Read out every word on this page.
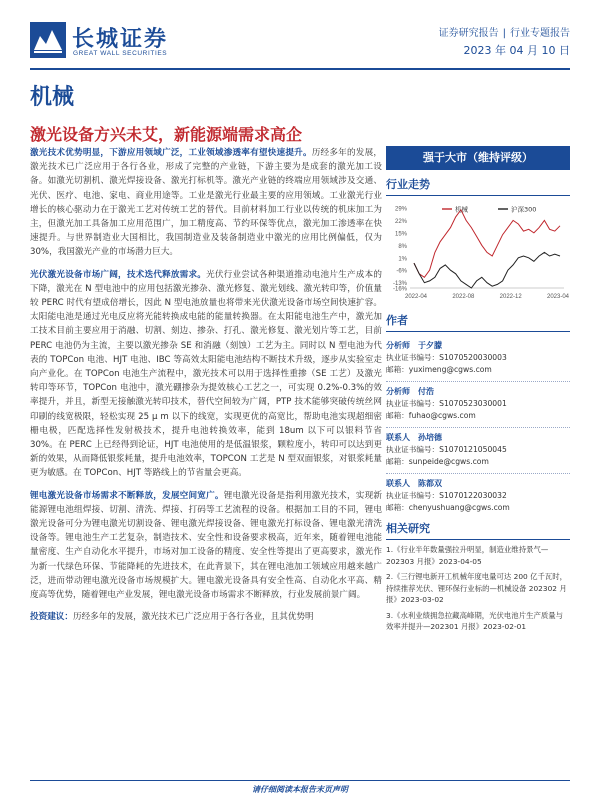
长城证券
GREAT WALL SECURITIES
证券研究报告 | 行业专题报告
2023 年 04 月 10 日
机械
激光设备方兴未艾，新能源端需求高企

激光技术优势明显，下游应用领域广泛，工业领域渗透率有望快速提升。历经多年的发展，激光技术已广泛应用于各行各业，形成了完整的产业链，下游主要为是成套的激光加工设备。如激光切割机、激光焊接设备、激光打标机等。激光产业链的终端应用领域涉及交通、光伏、医疗、电池、家电、商业用途等。工业是激光行业最主要的应用领域。工业激光行业增长的核心驱动力在于激光工艺对传统工艺的替代。目前材料加工行业以传统的机床加工为主，但激光加工具备加工应用范围广，加工精度高、节约环保等优点，激光加工渗透率在快速提升。与世界制造业大国相比，我国制造业及装备制造业中激光的应用比例偏低，仅为 30%，我国激光产业的市场潜力巨大。

光伏激光设备市场广阔，技术迭代释放需求。光伏行业尝试各种渠道推动电池片生产成本的下降，激光在 N 型电池中的应用包括激光掺杂、激光修复、激光划线、激光转印等，价值量较 PERC 时代有望成倍增长，因此 N 型电池放量也将带来光伏激光设备市场空间快速扩容。太阳能电池是通过光电反应将光能转换成电能的能量转换器。在太阳能电池生产中，激光加工技术目前主要应用于消融、切割、刻边、掺杂、打孔、激光修复、激光划片等工艺，目前 PERC 电池仍为主流，主要以激光掺杂 SE 和消融（刻蚀）工艺为主。同时以 N 型电池为代表的 TOPCon 电池、HJT 电池、IBC 等高效太阳能电池结构不断技术升级，逐步从实验室走向产业化。在 TOPCon 电池生产流程中，激光技术可以用于选择性重掺（SE 工艺）及激光转印等环节，TOPCon 电池中，激光硼掺杂为提效核心工艺之一，可实现 0.2%-0.3%的效率提升，并且，新型无接触激光转印技术，替代空间较为广阔，PTP 技术能够突破传统丝网印刷的线宽极限，轻松实现 25 μ m 以下的线宽，实现更优的高宽比，帮助电池实现超细密栅电极，匹配选择性发射极技术，提升电池转换效率，能到 18um 以下可以银料节省 30%。在 PERC 上已经得到论证，HJT 电池使用的是低温银浆，颗粒度小，转印可以达到更新的效果，从而降低银浆耗量，提升电池效率，TOPCON 工艺是 N 型双面银浆，对银浆耗量更为敏感。在 TOPCon、HJT 等路线上的节省量会更高。

锂电激光设备市场需求不断释放，发展空间宽广。锂电激光设备是指利用激光技术，实现新能源锂电池组焊接、切割、清洗、焊接、打码等工艺流程的设备。根据加工目的不同，锂电激光设备可分为锂电激光切割设备、锂电激光焊接设备、锂电激光打标设备、锂电激光清洗设备等。锂电池生产工艺复杂，制造技术、安全性和设备要求极高，近年来，随着锂电池能量密度、生产自动化水平提升，市场对加工设备的精度、安全性等提出了更高要求，激光作为新一代绿色环保、节能降耗的先进技术，在此背景下，其在锂电池加工领域应用越来越广泛，进而带动锂电激光设备市场规模扩大。锂电激光设备具有安全性高、自动化水平高、精度高等优势，随着锂电产业发展，锂电激光设备市场需求不断释放，行业发展前景广阔。

投资建议：历经多年的发展，激光技术已广泛应用于各行各业，且其优势明

强于大市（维持评级）
行业走势
29%
22%
15%
8%
1%
-6%
-13%
-16%
2022-04	2022-08	2022-12	2023-04
机械	沪深300
作者
分析师 于夕朦
执业证书编号：S1070520030003
邮箱：yuximeng@cgws.com
分析师 付浩
执业证书编号：S1070523030001
邮箱：fuhao@cgws.com
联系人 孙培德
执业证书编号：S1070121050045
邮箱：sunpeide@cgws.com
联系人 陈都双
执业证书编号：S1070122030032
邮箱：chenyushuang@cgws.com
相关研究
1.《行业半年数量强拉升明显，制造业维持景气—202303 月报》2023-04-05
2.《三行锂电新开工机械年度电量可达 200 亿千瓦时，持续推荐光伏、锂环保行业标的—机械设备 202302 月报》2023-03-02
3.《水利业绩拥急拉藏高峰期，光伏电池片生产质量与效率并提升—202301 月报》2023-02-01
请仔细阅读本报告末页声明
